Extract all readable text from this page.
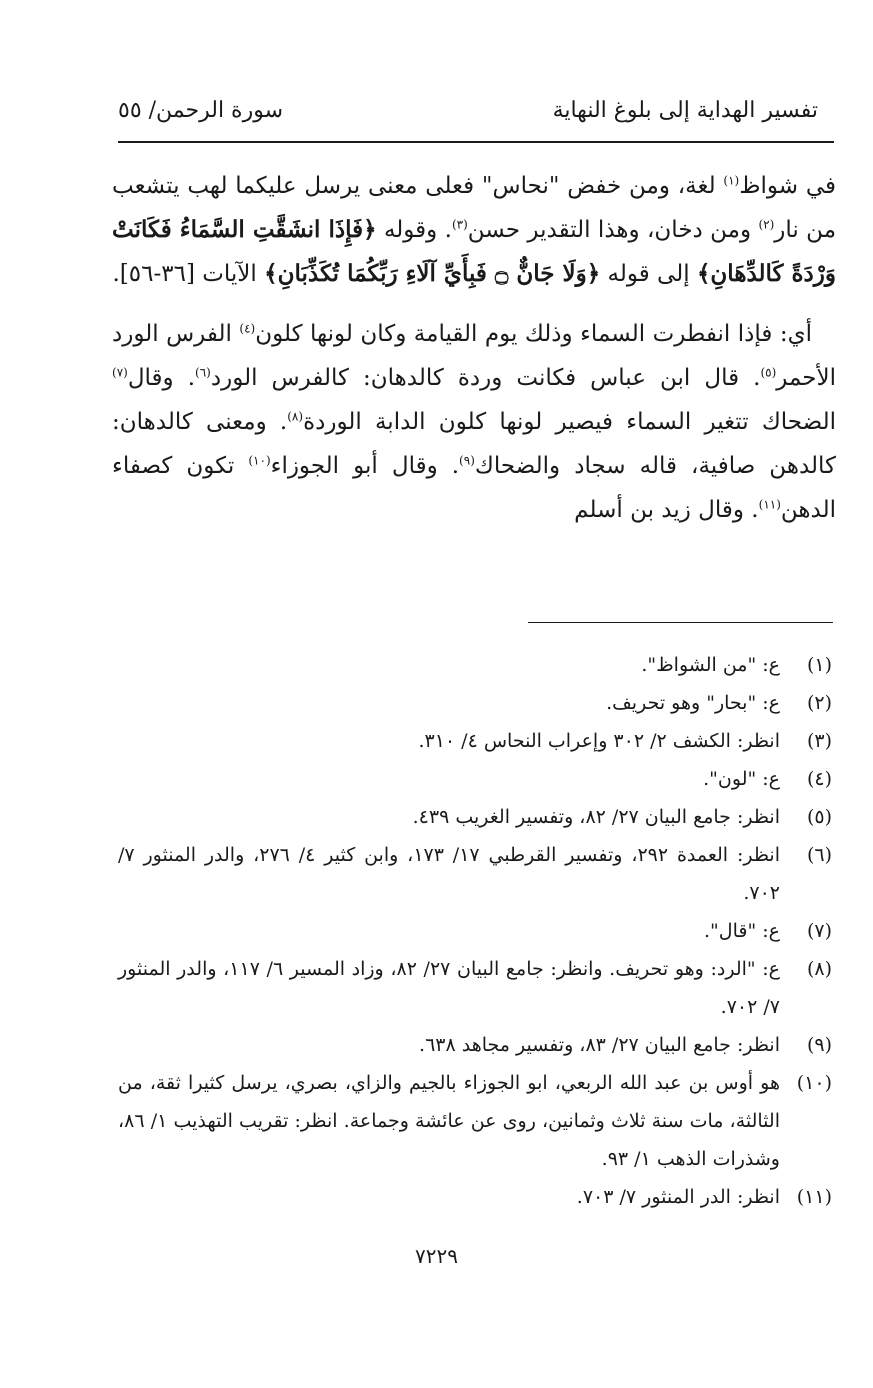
تفسير الهداية إلى بلوغ النهاية
سورة الرحمن/ ٥٥

في شواظ$^{(١)}$ لغة، ومن خفض "نحاس" فعلى معنى يرسل عليكما لهب يتشعب من نار$^{(٢)}$ ومن دخان، وهذا التقدير حسن$^{(٣)}$. وقوله ﴿فَإِذَا انشَقَّتِ السَّمَاءُ فَكَانَتْ وَرْدَةً كَالدِّهَانِ﴾ إلى قوله ﴿وَلَا جَانٌّ ۝ فَبِأَيِّ آلَاءِ رَبِّكُمَا تُكَذِّبَانِ﴾ الآيات [٣٦-٥٦].

أي: فإذا انفطرت السماء وذلك يوم القيامة وكان لونها كلون$^{(٤)}$ الفرس الورد الأحمر$^{(٥)}$. قال ابن عباس فكانت وردة كالدهان: كالفرس الورد$^{(٦)}$. وقال$^{(٧)}$ الضحاك تتغير السماء فيصير لونها كلون الدابة الوردة$^{(٨)}$. ومعنى كالدهان: كالدهن صافية، قاله سجاد والضحاك$^{(٩)}$. وقال أبو الجوزاء$^{(١٠)}$ تكون كصفاء الدهن$^{(١١)}$. وقال زيد بن أسلم

(١)
ع: "من الشواظ".
(٢)
ع: "بحار" وهو تحريف.
(٣)
انظر: الكشف ٢/ ٣٠٢ وإعراب النحاس ٤/ ٣١٠.
(٤)
ع: "لون".
(٥)
انظر: جامع البيان ٢٧/ ٨٢، وتفسير الغريب ٤٣٩.
(٦)
انظر: العمدة ٢٩٢، وتفسير القرطبي ١٧/ ١٧٣، وابن كثير ٤/ ٢٧٦، والدر المنثور ٧/ ٧٠٢.
(٧)
ع: "قال".
(٨)
ع: "الرد: وهو تحريف. وانظر: جامع البيان ٢٧/ ٨٢، وزاد المسير ٦/ ١١٧، والدر المنثور ٧/ ٧٠٢.
(٩)
انظر: جامع البيان ٢٧/ ٨٣، وتفسير مجاهد ٦٣٨.
(١٠)
هو أوس بن عبد الله الربعي، ابو الجوزاء بالجيم والزاي، بصري، يرسل كثيرا ثقة، من الثالثة، مات سنة ثلاث وثمانين، روى عن عائشة وجماعة. انظر: تقريب التهذيب ١/ ٨٦، وشذرات الذهب ١/ ٩٣.
(١١)
انظر: الدر المنثور ٧/ ٧٠٣.
٧٢٢٩
